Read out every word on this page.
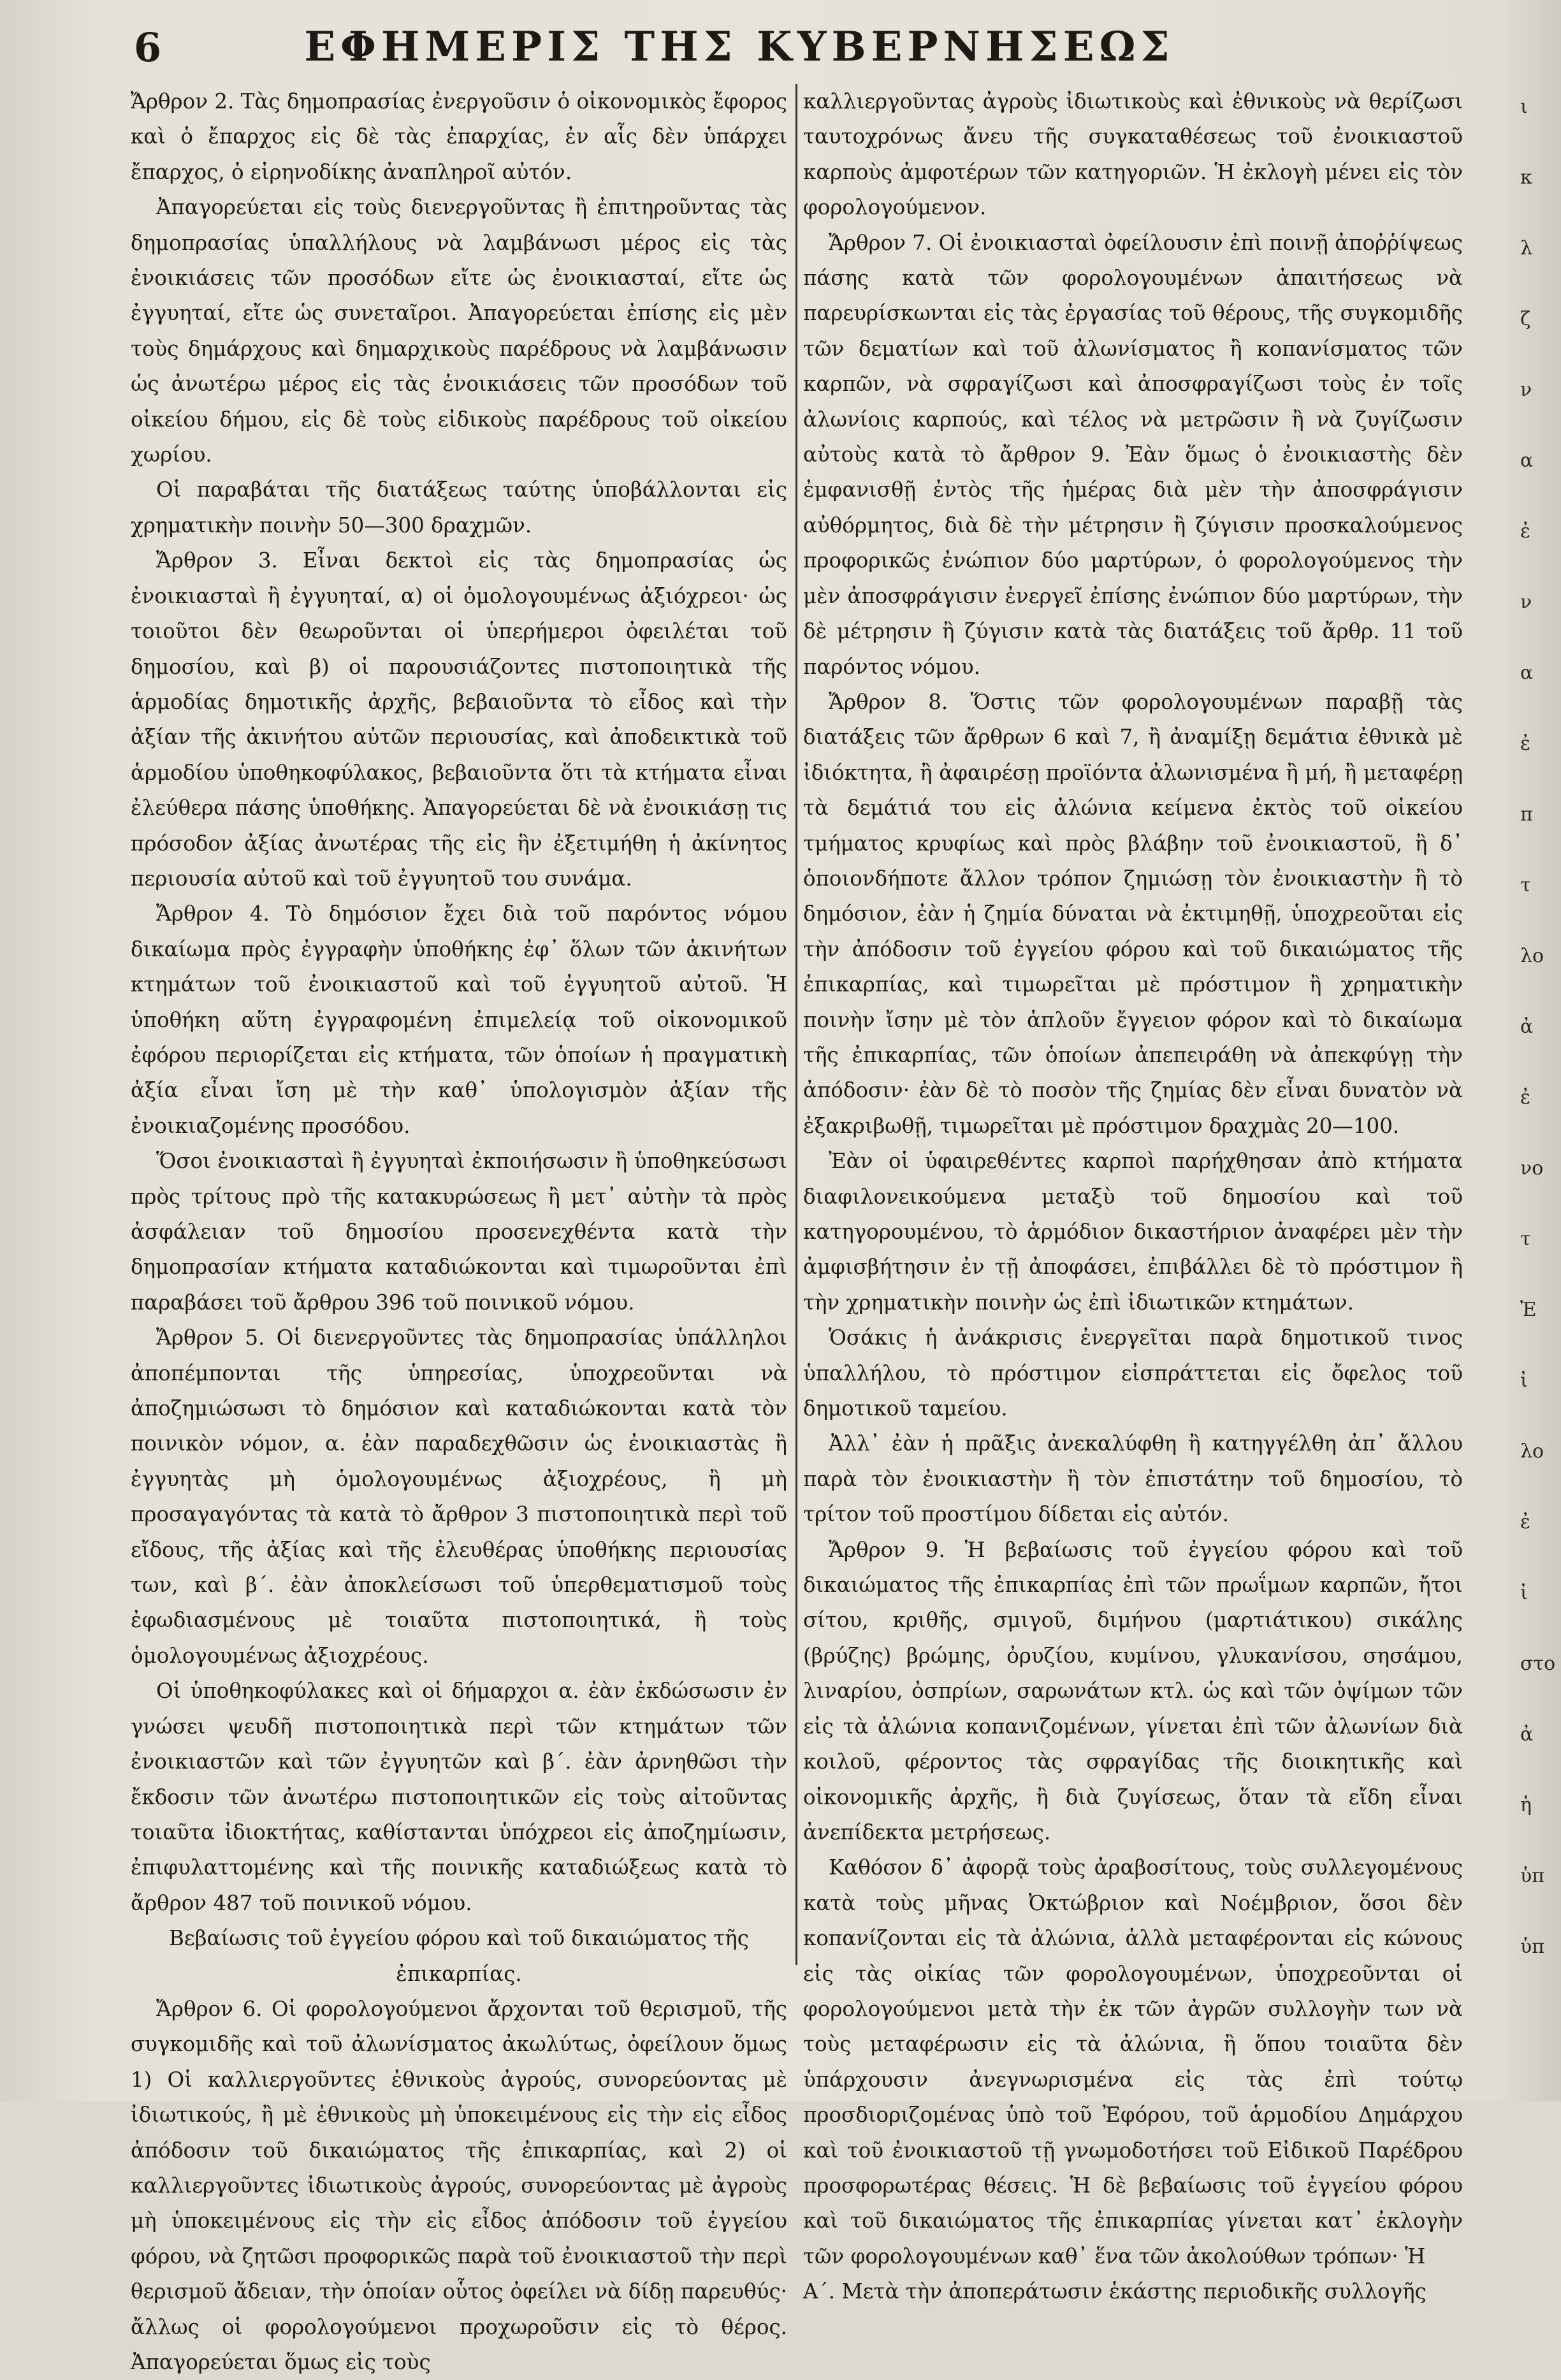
6	ΕΦΗΜΕΡΙΣ ΤΗΣ ΚΥΒΕΡΝΗΣΕΩΣ

Ἄρθρον 2. Τὰς δημοπρασίας ἐνεργοῦσιν ὁ οἰκονομικὸς ἔφορος καὶ ὁ ἔπαρχος εἰς δὲ τὰς ἐπαρχίας, ἐν αἷς δὲν ὑπάρχει ἔπαρχος, ὁ εἰρηνοδίκης ἀναπληροῖ αὐτόν.

Ἀπαγορεύεται εἰς τοὺς διενεργοῦντας ἢ ἐπιτηροῦντας τὰς δημοπρασίας ὑπαλλήλους νὰ λαμβάνωσι μέρος εἰς τὰς ἐνοικιάσεις τῶν προσόδων εἴτε ὡς ἐνοικιασταί, εἴτε ὡς ἐγγυηταί, εἴτε ὡς συνεταῖροι. Ἀπαγορεύεται ἐπίσης εἰς μὲν τοὺς δημάρχους καὶ δημαρχικοὺς παρέδρους νὰ λαμβάνωσιν ὡς ἀνωτέρω μέρος εἰς τὰς ἐνοικιάσεις τῶν προσόδων τοῦ οἰκείου δήμου, εἰς δὲ τοὺς εἰδικοὺς παρέδρους τοῦ οἰκείου χωρίου.

Οἱ παραβάται τῆς διατάξεως ταύτης ὑποβάλλονται εἰς χρηματικὴν ποινὴν 50—300 δραχμῶν.

Ἄρθρον 3. Εἶναι δεκτοὶ εἰς τὰς δημοπρασίας ὡς ἐνοικιασταὶ ἢ ἐγγυηταί, α) οἱ ὁμολογουμένως ἀξιόχρεοι· ὡς τοιοῦτοι δὲν θεωροῦνται οἱ ὑπερήμεροι ὀφειλέται τοῦ δημοσίου, καὶ β) οἱ παρουσιάζοντες πιστοποιητικὰ τῆς ἁρμοδίας δημοτικῆς ἀρχῆς, βεβαιοῦντα τὸ εἶδος καὶ τὴν ἀξίαν τῆς ἀκινήτου αὐτῶν περιουσίας, καὶ ἀποδεικτικὰ τοῦ ἁρμοδίου ὑποθηκοφύλακος, βεβαιοῦντα ὅτι τὰ κτήματα εἶναι ἐλεύθερα πάσης ὑποθήκης. Ἀπαγορεύεται δὲ νὰ ἐνοικιάσῃ τις πρόσοδον ἀξίας ἀνωτέρας τῆς εἰς ἣν ἐξετιμήθη ἡ ἀκίνητος περιουσία αὐτοῦ καὶ τοῦ ἐγγυητοῦ του συνάμα.

Ἄρθρον 4. Τὸ δημόσιον ἔχει διὰ τοῦ παρόντος νόμου δικαίωμα πρὸς ἐγγραφὴν ὑποθήκης ἐφ᾽ ὅλων τῶν ἀκινήτων κτημάτων τοῦ ἐνοικιαστοῦ καὶ τοῦ ἐγγυητοῦ αὐτοῦ. Ἡ ὑποθήκη αὕτη ἐγγραφομένη ἐπιμελείᾳ τοῦ οἰκονομικοῦ ἐφόρου περιορίζεται εἰς κτήματα, τῶν ὁποίων ἡ πραγματικὴ ἀξία εἶναι ἴση μὲ τὴν καθ᾽ ὑπολογισμὸν ἀξίαν τῆς ἐνοικιαζομένης προσόδου.

Ὅσοι ἐνοικιασταὶ ἢ ἐγγυηταὶ ἐκποιήσωσιν ἢ ὑποθηκεύσωσι πρὸς τρίτους πρὸ τῆς κατακυρώσεως ἢ μετ᾽ αὐτὴν τὰ πρὸς ἀσφάλειαν τοῦ δημοσίου προσενεχθέντα κατὰ τὴν δημοπρασίαν κτήματα καταδιώκονται καὶ τιμωροῦνται ἐπὶ παραβάσει τοῦ ἄρθρου 396 τοῦ ποινικοῦ νόμου.

Ἄρθρον 5. Οἱ διενεργοῦντες τὰς δημοπρασίας ὑπάλληλοι ἀποπέμπονται τῆς ὑπηρεσίας, ὑποχρεοῦνται νὰ ἀποζημιώσωσι τὸ δημόσιον καὶ καταδιώκονται κατὰ τὸν ποινικὸν νόμον, α. ἐὰν παραδεχθῶσιν ὡς ἐνοικιαστὰς ἢ ἐγγυητὰς μὴ ὁμολογουμένως ἀξιοχρέους, ἢ μὴ προσαγαγόντας τὰ κατὰ τὸ ἄρθρον 3 πιστοποιητικὰ περὶ τοῦ εἴδους, τῆς ἀξίας καὶ τῆς ἐλευθέρας ὑποθήκης περιουσίας των, καὶ β´. ἐὰν ἀποκλείσωσι τοῦ ὑπερθεματισμοῦ τοὺς ἐφωδιασμένους μὲ τοιαῦτα πιστοποιητικά, ἢ τοὺς ὁμολογουμένως ἀξιοχρέους.

Οἱ ὑποθηκοφύλακες καὶ οἱ δήμαρχοι α. ἐὰν ἐκδώσωσιν ἐν γνώσει ψευδῆ πιστοποιητικὰ περὶ τῶν κτημάτων τῶν ἐνοικιαστῶν καὶ τῶν ἐγγυητῶν καὶ β´. ἐὰν ἀρνηθῶσι τὴν ἔκδοσιν τῶν ἀνωτέρω πιστοποιητικῶν εἰς τοὺς αἰτοῦντας τοιαῦτα ἰδιοκτήτας, καθίστανται ὑπόχρεοι εἰς ἀποζημίωσιν, ἐπιφυλαττομένης καὶ τῆς ποινικῆς καταδιώξεως κατὰ τὸ ἄρθρον 487 τοῦ ποινικοῦ νόμου.

Βεβαίωσις τοῦ ἐγγείου φόρου καὶ τοῦ δικαιώματος τῆς ἐπικαρπίας.

Ἄρθρον 6. Οἱ φορολογούμενοι ἄρχονται τοῦ θερισμοῦ, τῆς συγκομιδῆς καὶ τοῦ ἀλωνίσματος ἀκωλύτως, ὀφείλουν ὅμως 1) Οἱ καλλιεργοῦντες ἐθνικοὺς ἀγρούς, συνορεύοντας μὲ ἰδιωτικούς, ἢ μὲ ἐθνικοὺς μὴ ὑποκειμένους εἰς τὴν εἰς εἶδος ἀπόδοσιν τοῦ δικαιώματος τῆς ἐπικαρπίας, καὶ 2) οἱ καλλιεργοῦντες ἰδιωτικοὺς ἀγρούς, συνορεύοντας μὲ ἀγροὺς μὴ ὑποκειμένους εἰς τὴν εἰς εἶδος ἀπόδοσιν τοῦ ἐγγείου φόρου, νὰ ζητῶσι προφορικῶς παρὰ τοῦ ἐνοικιαστοῦ τὴν περὶ θερισμοῦ ἄδειαν, τὴν ὁποίαν οὗτος ὀφείλει νὰ δίδῃ παρευθύς· ἄλλως οἱ φορολογούμενοι προχωροῦσιν εἰς τὸ θέρος. Ἀπαγορεύεται ὅμως εἰς τοὺς

καλλιεργοῦντας ἀγροὺς ἰδιωτικοὺς καὶ ἐθνικοὺς νὰ θερίζωσι ταυτοχρόνως ἄνευ τῆς συγκαταθέσεως τοῦ ἐνοικιαστοῦ καρποὺς ἀμφοτέρων τῶν κατηγοριῶν. Ἡ ἐκλογὴ μένει εἰς τὸν φορολογούμενον.

Ἄρθρον 7. Οἱ ἐνοικιασταὶ ὀφείλουσιν ἐπὶ ποινῇ ἀποῤῥίψεως πάσης κατὰ τῶν φορολογουμένων ἀπαιτήσεως νὰ παρευρίσκωνται εἰς τὰς ἐργασίας τοῦ θέρους, τῆς συγκομιδῆς τῶν δεματίων καὶ τοῦ ἀλωνίσματος ἢ κοπανίσματος τῶν καρπῶν, νὰ σφραγίζωσι καὶ ἀποσφραγίζωσι τοὺς ἐν τοῖς ἀλωνίοις καρπούς, καὶ τέλος νὰ μετρῶσιν ἢ νὰ ζυγίζωσιν αὐτοὺς κατὰ τὸ ἄρθρον 9. Ἐὰν ὅμως ὁ ἐνοικιαστὴς δὲν ἐμφανισθῇ ἐντὸς τῆς ἡμέρας διὰ μὲν τὴν ἀποσφράγισιν αὐθόρμητος, διὰ δὲ τὴν μέτρησιν ἢ ζύγισιν προσκαλούμενος προφορικῶς ἐνώπιον δύο μαρτύρων, ὁ φορολογούμενος τὴν μὲν ἀποσφράγισιν ἐνεργεῖ ἐπίσης ἐνώπιον δύο μαρτύρων, τὴν δὲ μέτρησιν ἢ ζύγισιν κατὰ τὰς διατάξεις τοῦ ἄρθρ. 11 τοῦ παρόντος νόμου.

Ἄρθρον 8. Ὅστις τῶν φορολογουμένων παραβῇ τὰς διατάξεις τῶν ἄρθρων 6 καὶ 7, ἢ ἀναμίξῃ δεμάτια ἐθνικὰ μὲ ἰδιόκτητα, ἢ ἀφαιρέσῃ προϊόντα ἀλωνισμένα ἢ μή, ἢ μεταφέρῃ τὰ δεμάτιά του εἰς ἀλώνια κείμενα ἐκτὸς τοῦ οἰκείου τμήματος κρυφίως καὶ πρὸς βλάβην τοῦ ἐνοικιαστοῦ, ἢ δ᾽ ὁποιονδήποτε ἄλλον τρόπον ζημιώσῃ τὸν ἐνοικιαστὴν ἢ τὸ δημόσιον, ἐὰν ἡ ζημία δύναται νὰ ἐκτιμηθῇ, ὑποχρεοῦται εἰς τὴν ἀπόδοσιν τοῦ ἐγγείου φόρου καὶ τοῦ δικαιώματος τῆς ἐπικαρπίας, καὶ τιμωρεῖται μὲ πρόστιμον ἢ χρηματικὴν ποινὴν ἴσην μὲ τὸν ἁπλοῦν ἔγγειον φόρον καὶ τὸ δικαίωμα τῆς ἐπικαρπίας, τῶν ὁποίων ἀπεπειράθη νὰ ἀπεκφύγῃ τὴν ἀπόδοσιν· ἐὰν δὲ τὸ ποσὸν τῆς ζημίας δὲν εἶναι δυνατὸν νὰ ἐξακριβωθῇ, τιμωρεῖται μὲ πρόστιμον δραχμὰς 20—100.

Ἐὰν οἱ ὑφαιρεθέντες καρποὶ παρήχθησαν ἀπὸ κτήματα διαφιλονεικούμενα μεταξὺ τοῦ δημοσίου καὶ τοῦ κατηγορουμένου, τὸ ἁρμόδιον δικαστήριον ἀναφέρει μὲν τὴν ἀμφισβήτησιν ἐν τῇ ἀποφάσει, ἐπιβάλλει δὲ τὸ πρόστιμον ἢ τὴν χρηματικὴν ποινὴν ὡς ἐπὶ ἰδιωτικῶν κτημάτων.

Ὁσάκις ἡ ἀνάκρισις ἐνεργεῖται παρὰ δημοτικοῦ τινος ὑπαλλήλου, τὸ πρόστιμον εἰσπράττεται εἰς ὄφελος τοῦ δημοτικοῦ ταμείου.

Ἀλλ᾽ ἐὰν ἡ πρᾶξις ἀνεκαλύφθη ἢ κατηγγέλθη ἀπ᾽ ἄλλου παρὰ τὸν ἐνοικιαστὴν ἢ τὸν ἐπιστάτην τοῦ δημοσίου, τὸ τρίτον τοῦ προστίμου δίδεται εἰς αὐτόν.

Ἄρθρον 9. Ἡ βεβαίωσις τοῦ ἐγγείου φόρου καὶ τοῦ δικαιώματος τῆς ἐπικαρπίας ἐπὶ τῶν πρωΐμων καρπῶν, ἤτοι σίτου, κριθῆς, σμιγοῦ, διμήνου (μαρτιάτικου) σικάλης (βρύζης) βρώμης, ὀρυζίου, κυμίνου, γλυκανίσου, σησάμου, λιναρίου, ὀσπρίων, σαρωνάτων κτλ. ὡς καὶ τῶν ὀψίμων τῶν εἰς τὰ ἀλώνια κοπανιζομένων, γίνεται ἐπὶ τῶν ἀλωνίων διὰ κοιλοῦ, φέροντος τὰς σφραγίδας τῆς διοικητικῆς καὶ οἰκονομικῆς ἀρχῆς, ἢ διὰ ζυγίσεως, ὅταν τὰ εἴδη εἶναι ἀνεπίδεκτα μετρήσεως.

Καθόσον δ᾽ ἀφορᾷ τοὺς ἀραβοσίτους, τοὺς συλλεγομένους κατὰ τοὺς μῆνας Ὀκτώβριον καὶ Νοέμβριον, ὅσοι δὲν κοπανίζονται εἰς τὰ ἀλώνια, ἀλλὰ μεταφέρονται εἰς κώνους εἰς τὰς οἰκίας τῶν φορολογουμένων, ὑποχρεοῦνται οἱ φορολογούμενοι μετὰ τὴν ἐκ τῶν ἀγρῶν συλλογὴν των νὰ τοὺς μεταφέρωσιν εἰς τὰ ἀλώνια, ἢ ὅπου τοιαῦτα δὲν ὑπάρχουσιν ἀνεγνωρισμένα εἰς τὰς ἐπὶ τούτῳ προσδιοριζομένας ὑπὸ τοῦ Ἐφόρου, τοῦ ἁρμοδίου Δημάρχου καὶ τοῦ ἐνοικιαστοῦ τῇ γνωμοδοτήσει τοῦ Εἰδικοῦ Παρέδρου προσφορωτέρας θέσεις. Ἡ δὲ βεβαίωσις τοῦ ἐγγείου φόρου καὶ τοῦ δικαιώματος τῆς ἐπικαρπίας γίνεται κατ᾽ ἐκλογὴν τῶν φορολογουμένων καθ᾽ ἕνα τῶν ἀκολούθων τρόπων· Ἡ

Α´. Μετὰ τὴν ἀποπεράτωσιν ἑκάστης περιοδικῆς συλλογῆς

ι
κ
λ
ζ
ν
α
ἐ
ν
α
ἐ
π
τ
λο
ἀ
ἐ
νο
τ
Ἐ
ἰ
λο
ἐ
ἰ
στο
ἀ
ἡ
ὑπ
ὑπ
